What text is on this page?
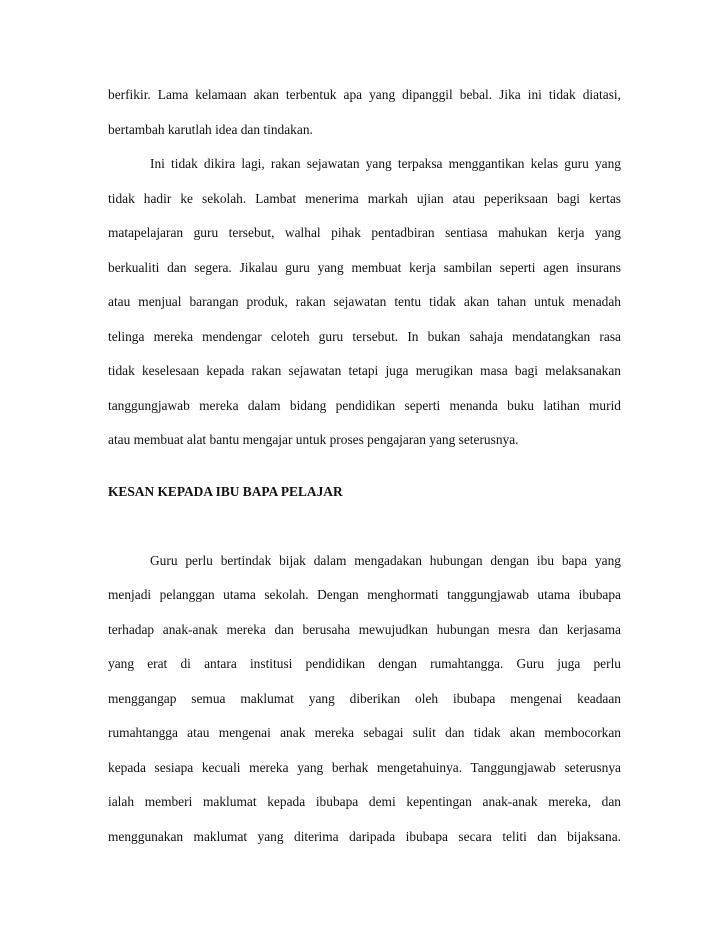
berfikir. Lama kelamaan akan terbentuk apa yang dipanggil bebal. Jika ini tidak diatasi,
bertambah karutlah idea dan tindakan.
Ini tidak dikira lagi, rakan sejawatan yang terpaksa menggantikan kelas guru yang
tidak hadir ke sekolah. Lambat menerima markah ujian atau peperiksaan bagi kertas
matapelajaran guru tersebut, walhal pihak pentadbiran sentiasa mahukan kerja yang
berkualiti dan segera. Jikalau guru yang membuat kerja sambilan seperti agen insurans
atau menjual barangan produk, rakan sejawatan tentu tidak akan tahan untuk menadah
telinga mereka mendengar celoteh guru tersebut. In bukan sahaja mendatangkan rasa
tidak keselesaan kepada rakan sejawatan tetapi juga merugikan masa bagi melaksanakan
tanggungjawab mereka dalam bidang pendidikan seperti menanda buku latihan murid
atau membuat alat bantu mengajar untuk proses pengajaran yang seterusnya.
KESAN KEPADA IBU BAPA PELAJAR
Guru perlu bertindak bijak dalam mengadakan hubungan dengan ibu bapa yang
menjadi pelanggan utama sekolah. Dengan menghormati tanggungjawab utama ibubapa
terhadap anak-anak mereka dan berusaha mewujudkan hubungan mesra dan kerjasama
yang erat di antara institusi pendidikan dengan rumahtangga. Guru juga perlu
menggangap semua maklumat yang diberikan oleh ibubapa mengenai keadaan
rumahtangga atau mengenai anak mereka sebagai sulit dan tidak akan membocorkan
kepada sesiapa kecuali mereka yang berhak mengetahuinya. Tanggungjawab seterusnya
ialah memberi maklumat kepada ibubapa demi kepentingan anak-anak mereka, dan
menggunakan maklumat yang diterima daripada ibubapa secara teliti dan bijaksana.
